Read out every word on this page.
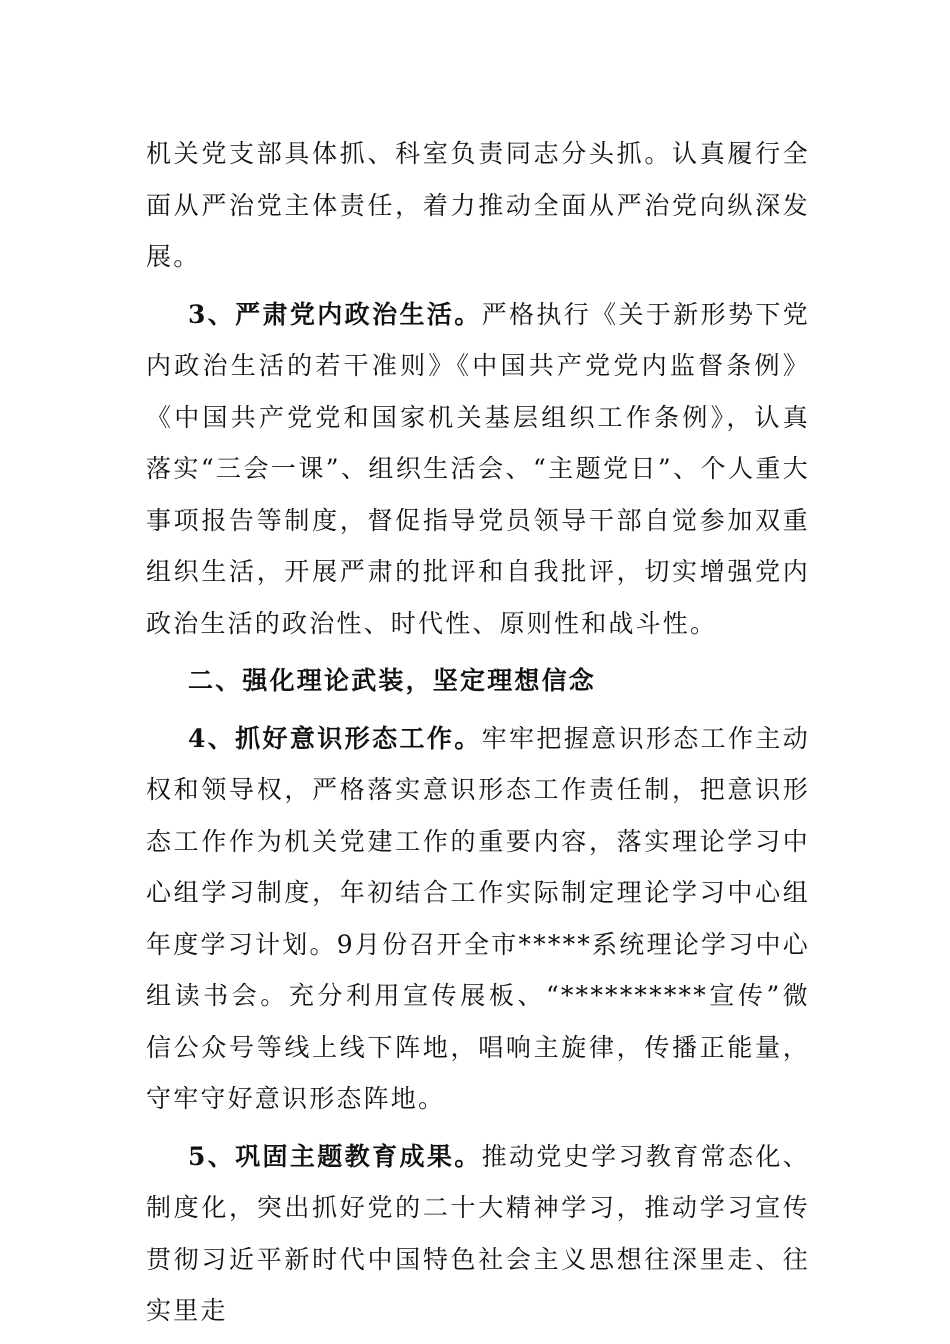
机关党支部具体抓、科室负责同志分头抓。认真履行全面从严治党主体责任，着力推动全面从严治党向纵深发展。

3、严肃党内政治生活。严格执行《关于新形势下党内政治生活的若干准则》《中国共产党党内监督条例》《中国共产党党和国家机关基层组织工作条例》，认真落实“三会一课”、组织生活会、“主题党日”、个人重大事项报告等制度，督促指导党员领导干部自觉参加双重组织生活，开展严肃的批评和自我批评，切实增强党内政治生活的政治性、时代性、原则性和战斗性。

二、强化理论武装，坚定理想信念

4、抓好意识形态工作。牢牢把握意识形态工作主动权和领导权，严格落实意识形态工作责任制，把意识形态工作作为机关党建工作的重要内容，落实理论学习中心组学习制度，年初结合工作实际制定理论学习中心组年度学习计划。9月份召开全市*****系统理论学习中心组读书会。充分利用宣传展板、“**********宣传”微信公众号等线上线下阵地，唱响主旋律，传播正能量，守牢守好意识形态阵地。

5、巩固主题教育成果。推动党史学习教育常态化、制度化，突出抓好党的二十大精神学习，推动学习宣传贯彻习近平新时代中国特色社会主义思想往深里走、往实里走
